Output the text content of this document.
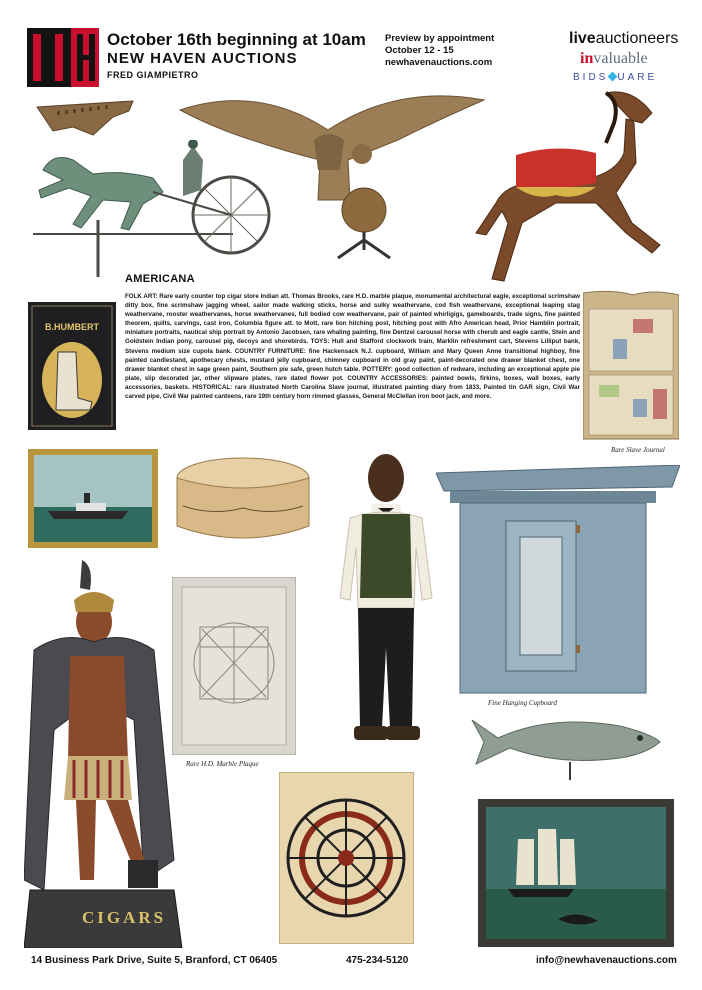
October 16th beginning at 10am
NEW HAVEN AUCTIONS
FRED GIAMPIETRO
Preview by appointment
October 12 - 15
newhavenauctions.com
liveauctioneers
invaluable
BIDS UARE
AMERICANA
FOLK ART: Rare early counter top cigar store Indian att. Thomas Brooks, rare H.D. marble plaque, monumental architectural eagle, exceptional scrimshaw ditty box, fine scrimshaw jagging wheel, sailor made walking sticks, horse and sulky weathervane, cod fish weathervane, exceptional leaping stag weathervane, rooster weathervanes, horse weathervanes, full bodied cow weathervane, pair of painted whirligigs, gameboards, trade signs, fine painted theorem, quilts, carvings, cast iron, Columbia figure att. to Mott, rare lion hitching post, hitching post with Afro American head, Prior Hamblin portrait, miniature portraits, nautical ship portrait by Antonio Jacobsen, rare whaling painting, fine Dentzel carousel horse with cherub and eagle cantle, Stein and Goldstein Indian pony, carousel pig, decoys and shorebirds. TOYS: Hull and Stafford clockwork train, Marklin refreshment cart, Stevens Lilliput bank, Stevens medium size cupola bank. COUNTRY FURNITURE: fine Hackensack N.J. cupboard, William and Mary Queen Anne transitional highboy, fine painted candlestand, apothecary chests, mustard jelly cupboard, chimney cupboard in old gray paint, paint-decorated one drawer blanket chest, one drawer blanket chest in sage green paint, Southern pie safe, green hutch table. POTTERY: good collection of redware, including an exceptional apple pie plate, slip decorated jar, other slipware plates, rare dated flower pot. COUNTRY ACCESSORIES: painted bowls, firkins, boxes, wall boxes, early accessories, baskets. HISTORICAL: rare illustrated North Carolina Slave journal, illustrated painting diary from 1833, Painted tin GAR sign, Civil War carved pipe, Civil War painted canteens, rare 19th century horn rimmed glasses, General McClellan iron boot jack, and more.
B.HUMBERT
Rare Slave Journal
Fine Hanging Cupboard
CIGARS
Rare H.D. Marble Plaque
14 Business Park Drive, Suite 5, Branford, CT 06405	475-234-5120	info@newhavenauctions.com
